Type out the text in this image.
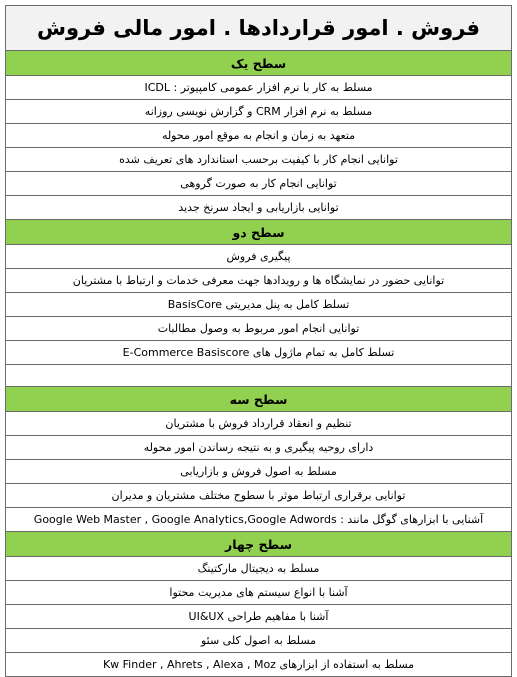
فروش . امور قراردادها . امور مالی فروش
سطح یک
مسلط به کار با نرم افزار عمومی کامپیوتر : ICDL
مسلط به نرم افزار CRM و گزارش نویسی روزانه
متعهد به زمان و انجام به موقع امور محوله
توانایی انجام کار با کیفیت برحسب استاندارد های تعریف شده
توانایی انجام کار به صورت گروهی
توانایی بازاریابی و ایجاد سرنخ جدید
سطح دو
پیگیری فروش
توانایی حضور در نمایشگاه ها و رویدادها جهت معرفی خدمات و ارتباط با مشتریان
تسلط کامل به پنل مدیریتی BasisCore
توانایی انجام امور مربوط به وصول مطالبات
تسلط کامل به تمام ماژول های E-Commerce Basiscore
سطح سه
تنظیم و انعقاد قرارداد فروش با مشتریان
دارای روحیه پیگیری و به نتیجه رساندن امور محوله
مسلط به اصول فروش و بازاریابی
توانایی برقراری ارتباط موثر با سطوح مختلف مشتریان و مدیران
آشنایی با ابزارهای گوگل مانند : Google Web Master , Google Analytics,Google Adwords
سطح چهار
مسلط به دیجیتال مارکتینگ
آشنا با انواع سیستم های مدیریت محتوا
آشنا با مفاهیم طراحی UI&UX
مسلط به اصول کلی سئو
مسلط به استفاده از ابزارهای Kw Finder , Ahrets , Alexa , Moz
